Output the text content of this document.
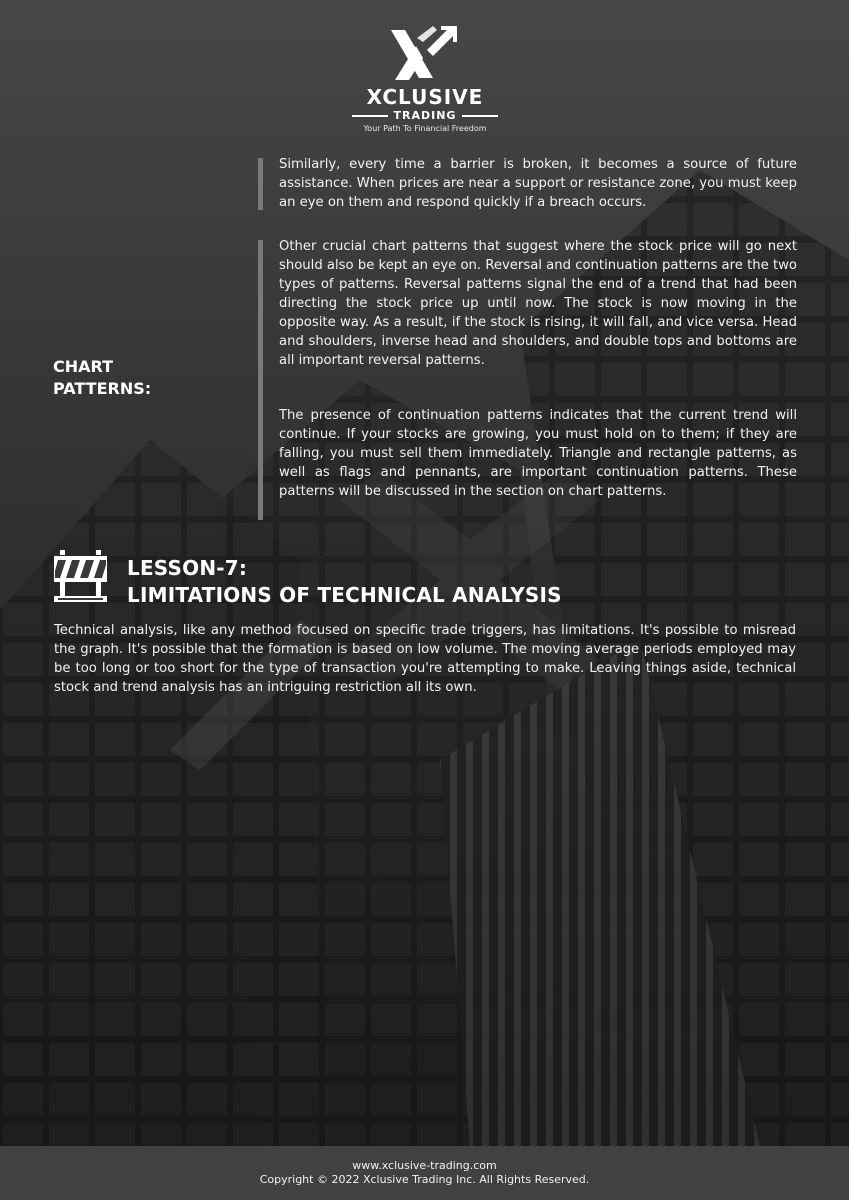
XCLUSIVE
TRADING
Your Path To Financial Freedom

Similarly, every time a barrier is broken, it becomes a source of future assistance. When prices are near a support or resistance zone, you must keep an eye on them and respond quickly if a breach occurs.

CHART
PATTERNS:

Other crucial chart patterns that suggest where the stock price will go next should also be kept an eye on. Reversal and continuation patterns are the two types of patterns. Reversal patterns signal the end of a trend that had been directing the stock price up until now. The stock is now moving in the opposite way. As a result, if the stock is rising, it will fall, and vice versa. Head and shoulders, inverse head and shoulders, and double tops and bottoms are all important reversal patterns.

The presence of continuation patterns indicates that the current trend will continue. If your stocks are growing, you must hold on to them; if they are falling, you must sell them immediately. Triangle and rectangle patterns, as well as flags and pennants, are important continuation patterns. These patterns will be discussed in the section on chart patterns.

LESSON-7:
LIMITATIONS OF TECHNICAL ANALYSIS

Technical analysis, like any method focused on specific trade triggers, has limitations. It's possible to misread the graph. It's possible that the formation is based on low volume. The moving average periods employed may be too long or too short for the type of transaction you're attempting to make. Leaving things aside, technical stock and trend analysis has an intriguing restriction all its own.

www.xclusive-trading.com
Copyright © 2022 Xclusive Trading Inc. All Rights Reserved.
